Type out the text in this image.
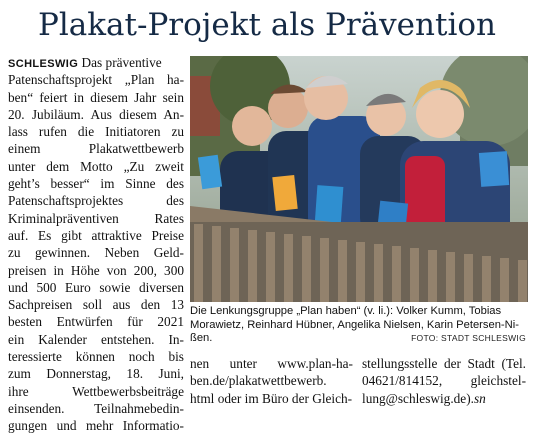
Plakat-Projekt als Prävention
SCHLESWIG Das präventive
Patenschaftsprojekt „Plan ha-
ben“ feiert in diesem Jahr sein
20. Jubiläum. Aus diesem An-
lass rufen die Initiatoren zu
einem Plakatwettbewerb
unter dem Motto „Zu zweit
geht’s besser“ im Sinne des
Patenschaftsprojektes des
Kriminalpräventiven Rates
auf. Es gibt attraktive Preise
zu gewinnen. Neben Geld-
preisen in Höhe von 200, 300
und 500 Euro sowie diversen
Sachpreisen soll aus den 13
besten Entwürfen für 2021
ein Kalender entstehen. In-
teressierte können noch bis
zum Donnerstag, 18. Juni,
ihre Wettbewerbsbeiträge
einsenden. Teilnahmebedin-
gungen und mehr Informatio-
Die Lenkungsgruppe „Plan haben“ (v. li.): Volker Kumm, Tobias
Morawietz, Reinhard Hübner, Angelika Nielsen, Karin Petersen-Ni-
ßen.	FOTO: STADT SCHLESWIG
nen unter www.plan-ha-
ben.de/plakatwettbewerb.
html oder im Büro der Gleich-
stellungsstelle der Stadt (Tel.
04621/814152, gleichstel-
lung@schleswig.de).sn
